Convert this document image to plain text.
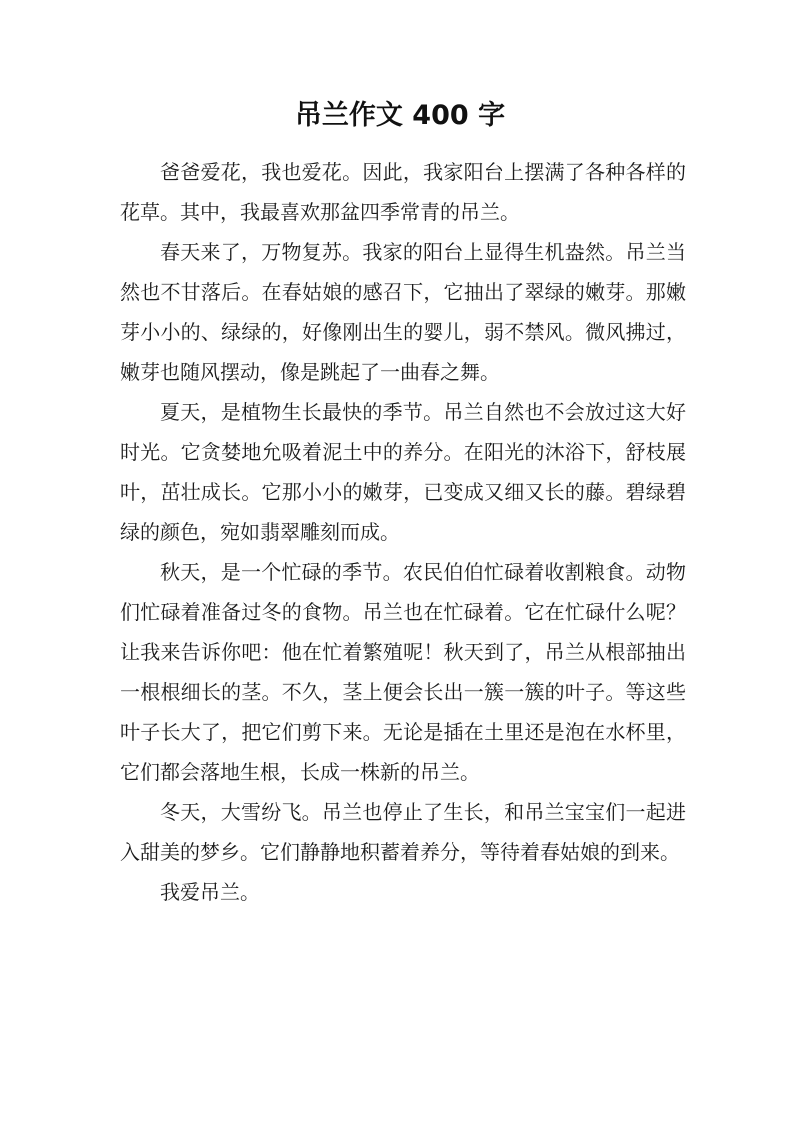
吊兰作文 400 字

爸爸爱花，我也爱花。因此，我家阳台上摆满了各种各样的花草。其中，我最喜欢那盆四季常青的吊兰。

春天来了，万物复苏。我家的阳台上显得生机盎然。吊兰当然也不甘落后。在春姑娘的感召下，它抽出了翠绿的嫩芽。那嫩芽小小的、绿绿的，好像刚出生的婴儿，弱不禁风。微风拂过，嫩芽也随风摆动，像是跳起了一曲春之舞。

夏天，是植物生长最快的季节。吊兰自然也不会放过这大好时光。它贪婪地允吸着泥土中的养分。在阳光的沐浴下，舒枝展叶，茁壮成长。它那小小的嫩芽，已变成又细又长的藤。碧绿碧绿的颜色，宛如翡翠雕刻而成。

秋天，是一个忙碌的季节。农民伯伯忙碌着收割粮食。动物们忙碌着准备过冬的食物。吊兰也在忙碌着。它在忙碌什么呢？让我来告诉你吧：他在忙着繁殖呢！秋天到了，吊兰从根部抽出一根根细长的茎。不久，茎上便会长出一簇一簇的叶子。等这些叶子长大了，把它们剪下来。无论是插在土里还是泡在水杯里，它们都会落地生根，长成一株新的吊兰。

冬天，大雪纷飞。吊兰也停止了生长，和吊兰宝宝们一起进入甜美的梦乡。它们静静地积蓄着养分，等待着春姑娘的到来。

我爱吊兰。
